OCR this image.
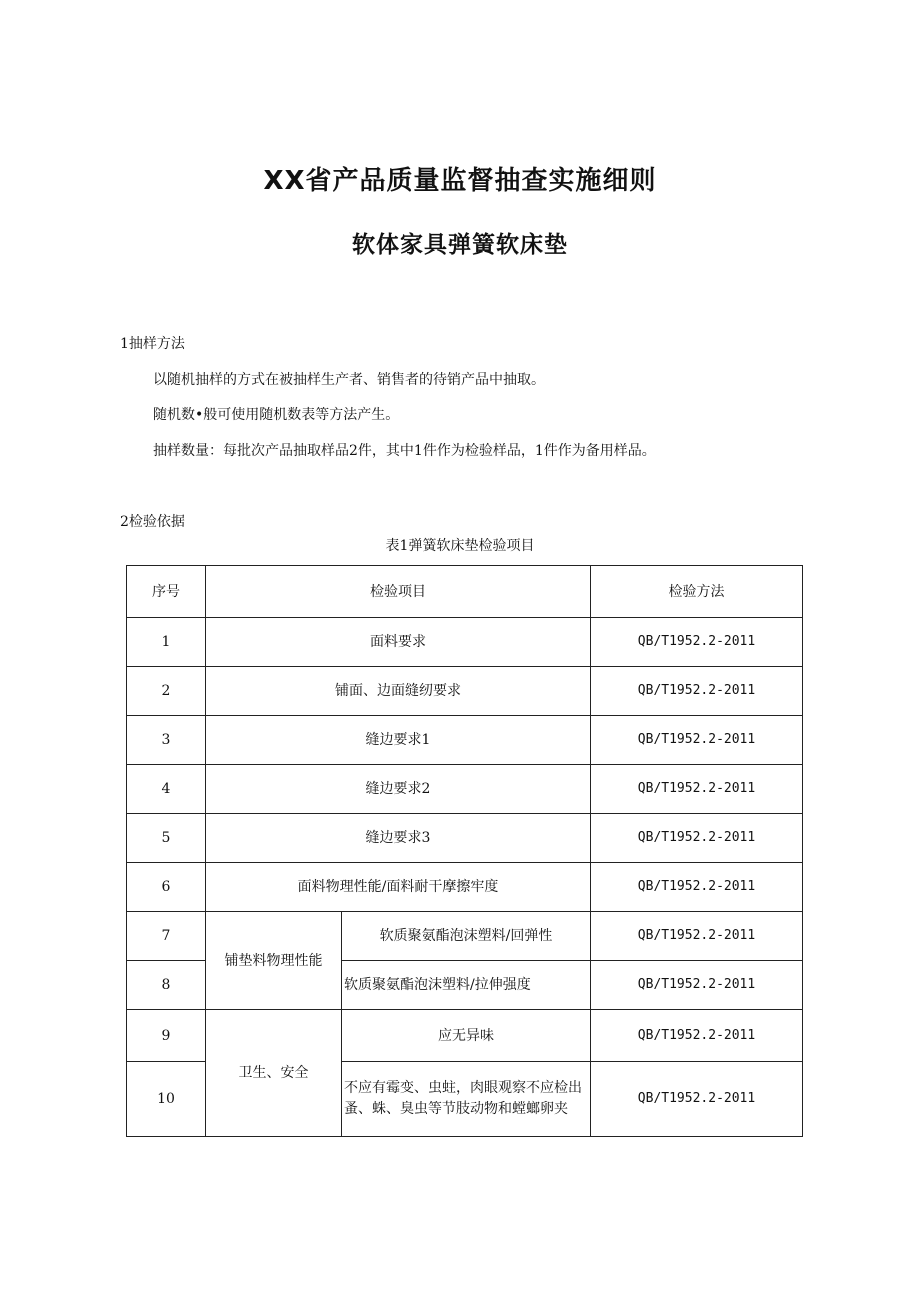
XX省产品质量监督抽查实施细则
软体家具弹簧软床垫

1抽样方法

以随机抽样的方式在被抽样生产者、销售者的待销产品中抽取。

随机数•般可使用随机数表等方法产生。

抽样数量：每批次产品抽取样品2件，其中1件作为检验样品，1件作为备用样品。

2检验依据

表1弹簧软床垫检验项目

序号	检验项目		检验方法
1	面料要求		QB/T1952.2-2011
2	铺面、边面缝纫要求		QB/T1952.2-2011
3	缝边要求1		QB/T1952.2-2011
4	缝边要求2		QB/T1952.2-2011
5	缝边要求3		QB/T1952.2-2011
6	面料物理性能/面料耐干摩擦牢度		QB/T1952.2-2011
7	铺垫料物理性能	软质聚氨酯泡沫塑料/回弹性	QB/T1952.2-2011
8		软质聚氨酯泡沫塑料/拉伸强度	QB/T1952.2-2011
9	卫生、安全	应无异味	QB/T1952.2-2011
10		不应有霉变、虫蛀，肉眼观察不应检出蚤、蛛、臭虫等节肢动物和螳螂卵夹	QB/T1952.2-2011
